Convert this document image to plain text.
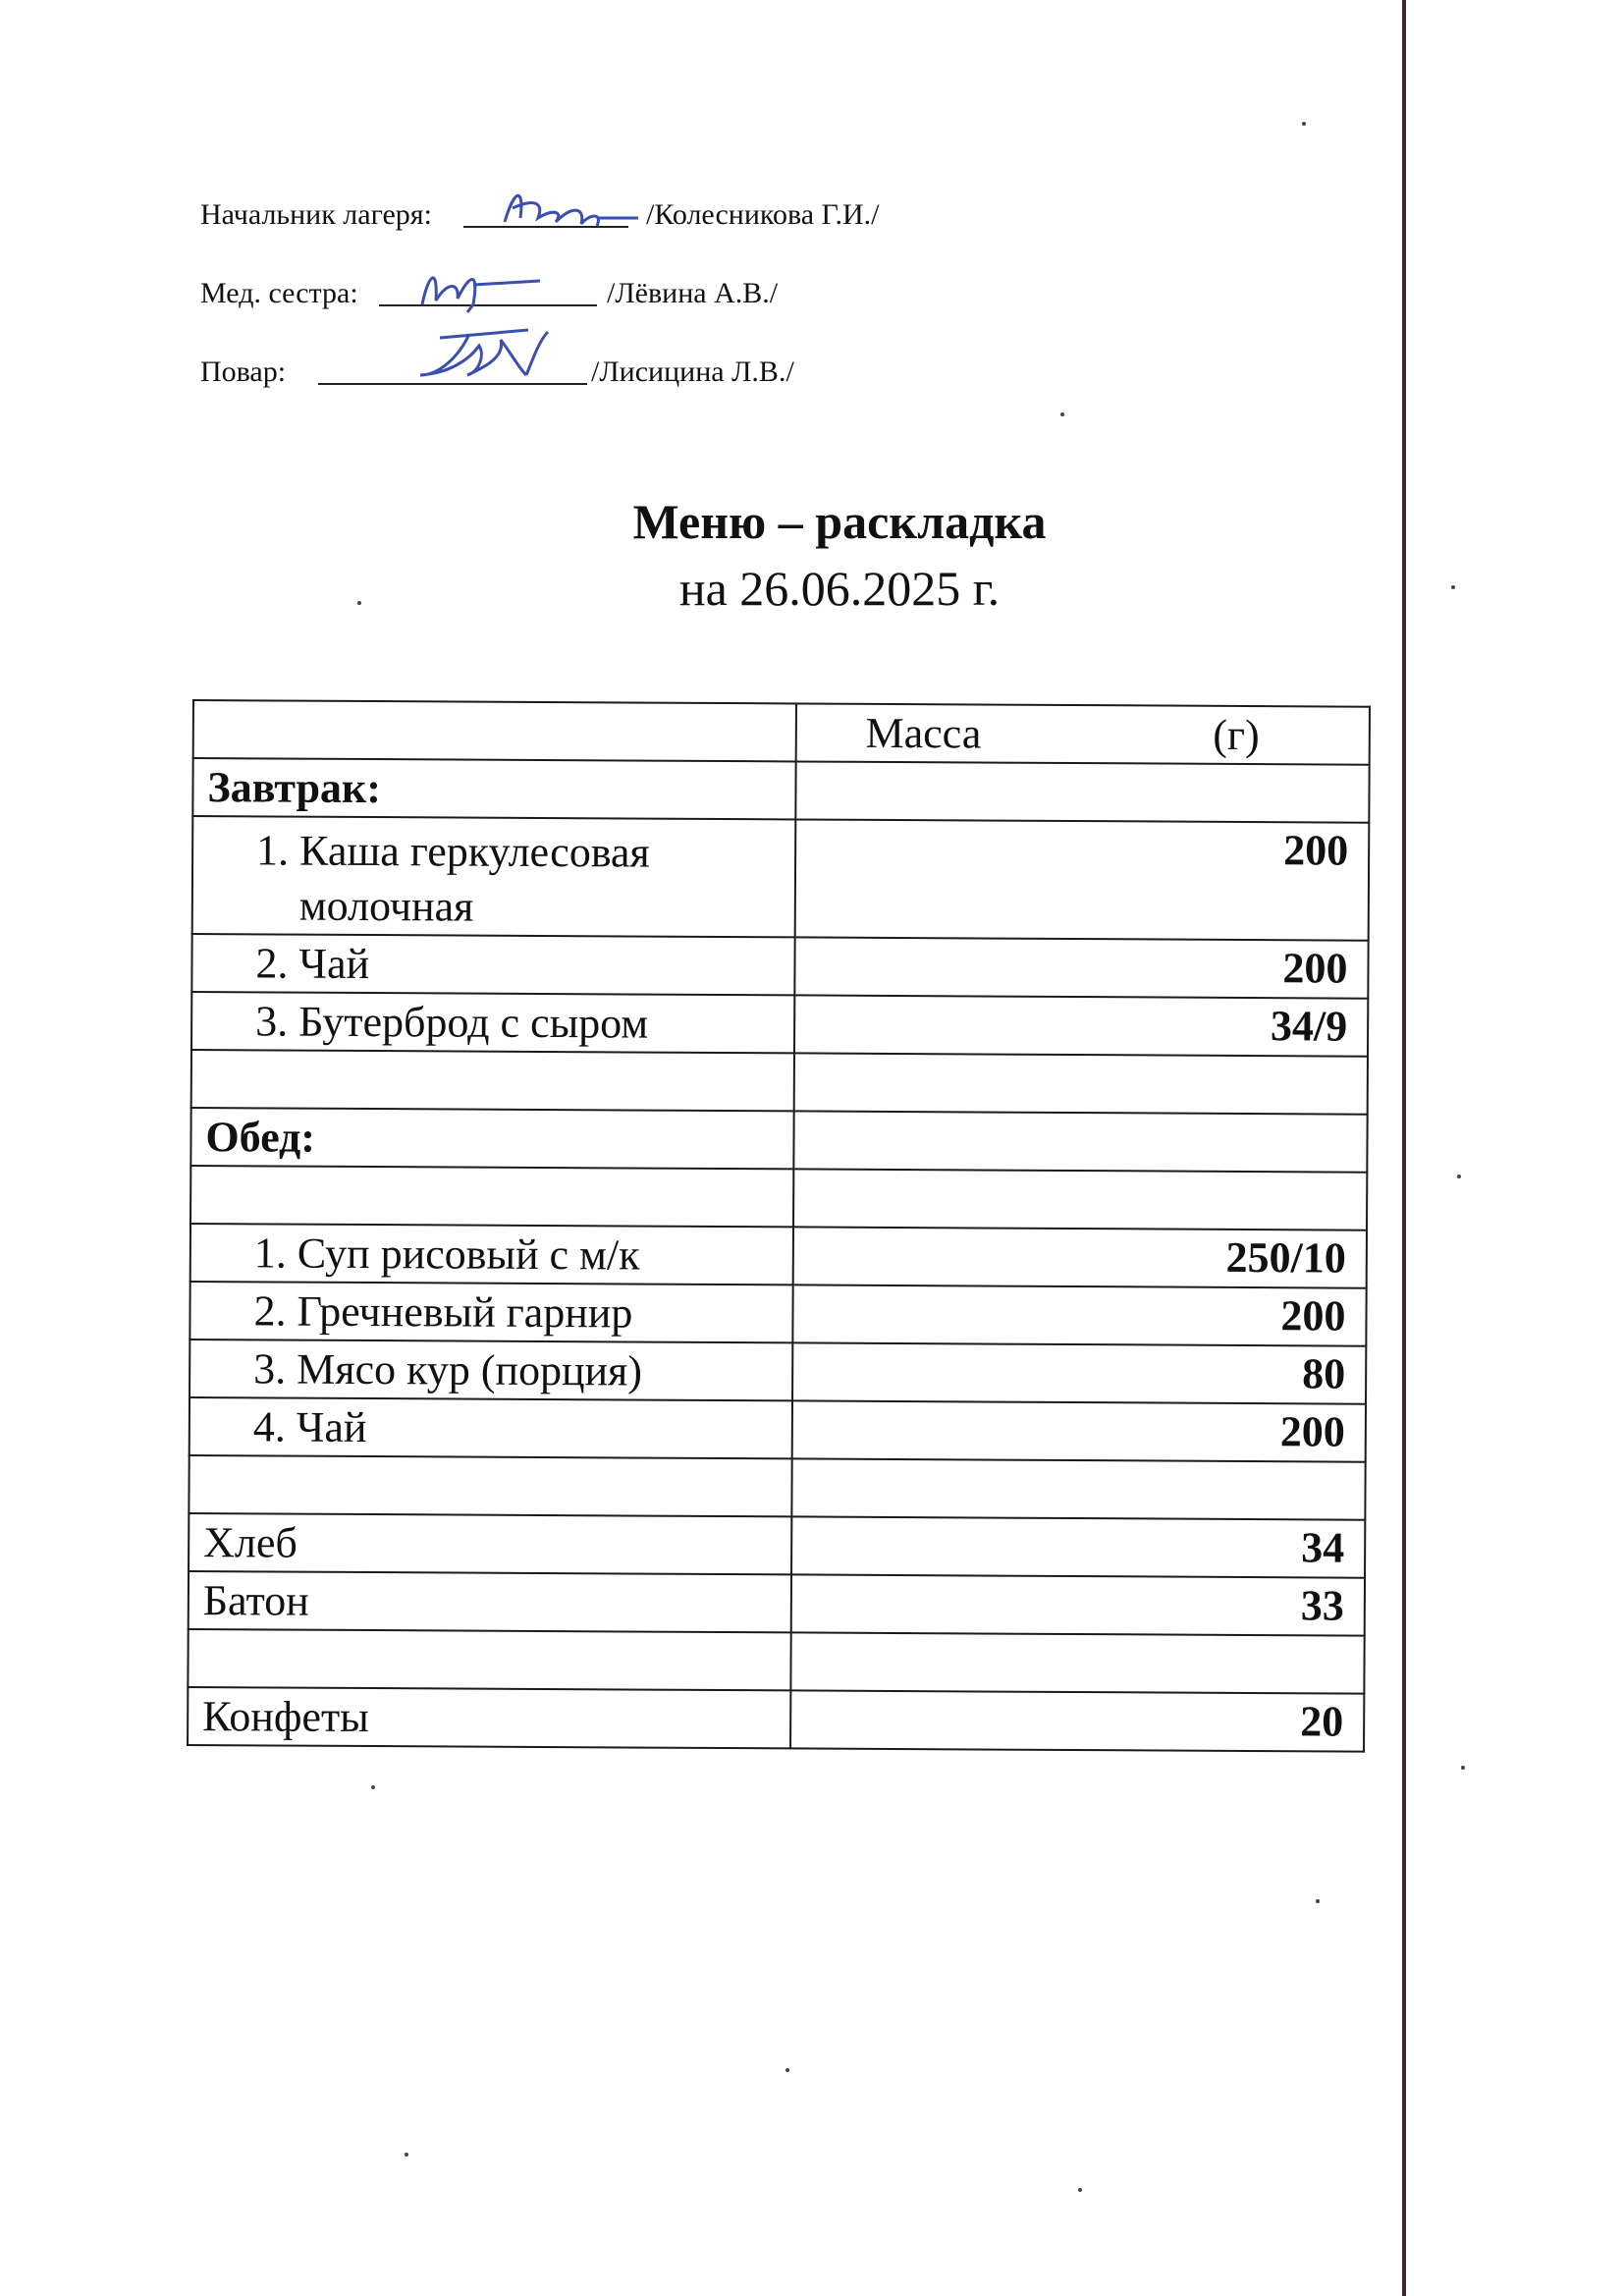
Начальник лагеря:	/Колесникова Г.И./
Мед. сестра:	/Лёвина А.В./
Повар:	/Лисицина Л.В./
Меню – раскладка
на 26.06.2025 г.
	Масса (г)
Завтрак:	
1. Каша геркулесовая
молочная	200
2. Чай	200
3. Бутерброд с сыром	34/9

Обед:	

1. Суп рисовый с м/к	250/10
2. Гречневый гарнир	200
3. Мясо кур (порция)	80
4. Чай	200

Хлеб	34
Батон	33

Конфеты	20
